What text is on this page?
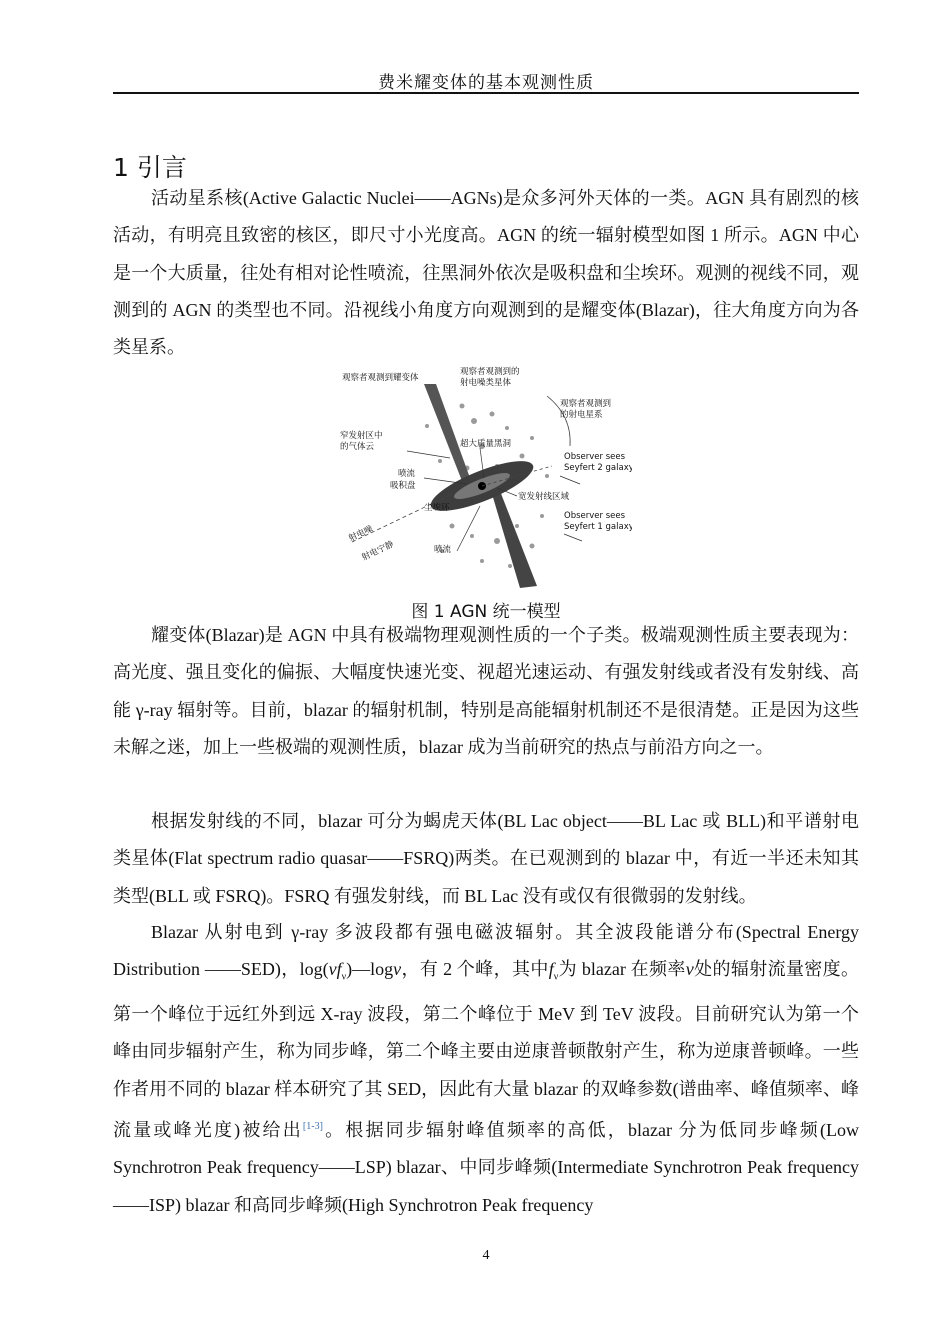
费米耀变体的基本观测性质
1 引言

活动星系核(Active Galactic Nuclei——AGNs)是众多河外天体的一类。AGN 具有剧烈的核活动，有明亮且致密的核区，即尺寸小光度高。AGN 的统一辐射模型如图 1 所示。AGN 中心是一个大质量，往处有相对论性喷流，往黑洞外依次是吸积盘和尘埃环。观测的视线不同，观测到的 AGN 的类型也不同。沿视线小角度方向观测到的是耀变体(Blazar)，往大角度方向为各类星系。

观察者观测到耀变体
观察者观测到的
射电噪类星体
观察者观测到
的射电星系
窄发射区中
的气体云	超大质量黑洞
Observer sees
Seyfert 2 galaxy
喷流
吸积盘
宽发射线区域
尘埃环
Observer sees
Seyfert 1 galaxy
射电噪
射电宁静	喷流
图 1 AGN 统一模型

耀变体(Blazar)是 AGN 中具有极端物理观测性质的一个子类。极端观测性质主要表现为：高光度、强且变化的偏振、大幅度快速光变、视超光速运动、有强发射线或者没有发射线、高能 γ-ray 辐射等。目前，blazar 的辐射机制，特别是高能辐射机制还不是很清楚。正是因为这些未解之迷，加上一些极端的观测性质，blazar 成为当前研究的热点与前沿方向之一。

根据发射线的不同，blazar 可分为蝎虎天体(BL Lac object——BL Lac 或 BLL)和平谱射电类星体(Flat spectrum radio quasar——FSRQ)两类。在已观测到的 blazar 中，有近一半还未知其类型(BLL 或 FSRQ)。FSRQ 有强发射线，而 BL Lac 没有或仅有很微弱的发射线。

Blazar 从射电到 γ-ray 多波段都有强电磁波辐射。其全波段能谱分布(Spectral Energy Distribution ——SED)，$\log(\nu f_\nu)—\log\nu$，有 2 个峰，其中$f_\nu$为 blazar 在频率ν处的辐射流量密度。第一个峰位于远红外到远 X-ray 波段，第二个峰位于 MeV 到 TeV 波段。目前研究认为第一个峰由同步辐射产生，称为同步峰，第二个峰主要由逆康普顿散射产生，称为逆康普顿峰。一些作者用不同的 blazar 样本研究了其 SED，因此有大量 blazar 的双峰参数(谱曲率、峰值频率、峰流量或峰光度)被给出[1-3]。根据同步辐射峰值频率的高低，blazar 分为低同步峰频(Low Synchrotron Peak frequency——LSP) blazar、中同步峰频(Intermediate Synchrotron Peak frequency——ISP) blazar 和高同步峰频(High Synchrotron Peak frequency

4
